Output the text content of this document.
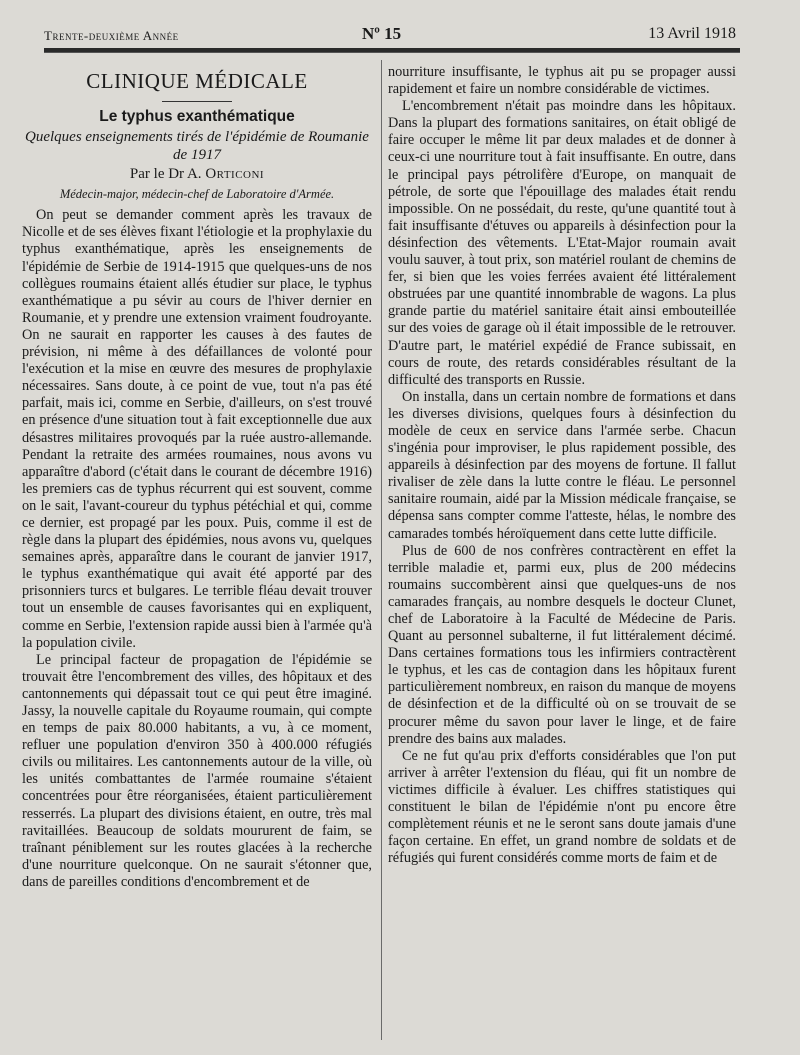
Trente-deuxième Année	Nº 15	13 Avril 1918
CLINIQUE MÉDICALE
Le typhus exanthématique
Quelques enseignements tirés de l'épidémie de Roumanie de 1917
Par le Dr A. Orticoni
Médecin-major, médecin-chef de Laboratoire d'Armée.

On peut se demander comment après les travaux de Nicolle et de ses élèves fixant l'étiologie et la prophylaxie du typhus exanthématique, après les enseignements de l'épidémie de Serbie de 1914-1915 que quelques-uns de nos collègues roumains étaient allés étudier sur place, le typhus exanthématique a pu sévir au cours de l'hiver dernier en Roumanie, et y prendre une extension vraiment foudroyante. On ne saurait en rapporter les causes à des fautes de prévision, ni même à des défaillances de volonté pour l'exécution et la mise en œuvre des mesures de prophylaxie nécessaires. Sans doute, à ce point de vue, tout n'a pas été parfait, mais ici, comme en Serbie, d'ailleurs, on s'est trouvé en présence d'une situation tout à fait exceptionnelle due aux désastres militaires provoqués par la ruée austro-allemande. Pendant la retraite des armées roumaines, nous avons vu apparaître d'abord (c'était dans le courant de décembre 1916) les premiers cas de typhus récurrent qui est souvent, comme on le sait, l'avant-coureur du typhus pétéchial et qui, comme ce dernier, est propagé par les poux. Puis, comme il est de règle dans la plupart des épidémies, nous avons vu, quelques semaines après, apparaître dans le courant de janvier 1917, le typhus exanthématique qui avait été apporté par des prisonniers turcs et bulgares. Le terrible fléau devait trouver tout un ensemble de causes favorisantes qui en expliquent, comme en Serbie, l'extension rapide aussi bien à l'armée qu'à la population civile.

Le principal facteur de propagation de l'épidémie se trouvait être l'encombrement des villes, des hôpitaux et des cantonnements qui dépassait tout ce qui peut être imaginé. Jassy, la nouvelle capitale du Royaume roumain, qui compte en temps de paix 80.000 habitants, a vu, à ce moment, refluer une population d'environ 350 à 400.000 réfugiés civils ou militaires. Les cantonnements autour de la ville, où les unités combattantes de l'armée roumaine s'étaient concentrées pour être réorganisées, étaient particulièrement resserrés. La plupart des divisions étaient, en outre, très mal ravitaillées. Beaucoup de soldats moururent de faim, se traînant péniblement sur les routes glacées à la recherche d'une nourriture quelconque. On ne saurait s'étonner que, dans de pareilles conditions d'encombrement et de

nourriture insuffisante, le typhus ait pu se propager aussi rapidement et faire un nombre considérable de victimes.

L'encombrement n'était pas moindre dans les hôpitaux. Dans la plupart des formations sanitaires, on était obligé de faire occuper le même lit par deux malades et de donner à ceux-ci une nourriture tout à fait insuffisante. En outre, dans le principal pays pétrolifère d'Europe, on manquait de pétrole, de sorte que l'épouillage des malades était rendu impossible. On ne possédait, du reste, qu'une quantité tout à fait insuffisante d'étuves ou appareils à désinfection pour la désinfection des vêtements. L'Etat-Major roumain avait voulu sauver, à tout prix, son matériel roulant de chemins de fer, si bien que les voies ferrées avaient été littéralement obstruées par une quantité innombrable de wagons. La plus grande partie du matériel sanitaire était ainsi embouteillée sur des voies de garage où il était impossible de le retrouver. D'autre part, le matériel expédié de France subissait, en cours de route, des retards considérables résultant de la difficulté des transports en Russie.

On installa, dans un certain nombre de formations et dans les diverses divisions, quelques fours à désinfection du modèle de ceux en service dans l'armée serbe. Chacun s'ingénia pour improviser, le plus rapidement possible, des appareils à désinfection par des moyens de fortune. Il fallut rivaliser de zèle dans la lutte contre le fléau. Le personnel sanitaire roumain, aidé par la Mission médicale française, se dépensa sans compter comme l'atteste, hélas, le nombre des camarades tombés héroïquement dans cette lutte difficile.

Plus de 600 de nos confrères contractèrent en effet la terrible maladie et, parmi eux, plus de 200 médecins roumains succombèrent ainsi que quelques-uns de nos camarades français, au nombre desquels le docteur Clunet, chef de Laboratoire à la Faculté de Médecine de Paris. Quant au personnel subalterne, il fut littéralement décimé. Dans certaines formations tous les infirmiers contractèrent le typhus, et les cas de contagion dans les hôpitaux furent particulièrement nombreux, en raison du manque de moyens de désinfection et de la difficulté où on se trouvait de se procurer même du savon pour laver le linge, et de faire prendre des bains aux malades.

Ce ne fut qu'au prix d'efforts considérables que l'on put arriver à arrêter l'extension du fléau, qui fit un nombre de victimes difficile à évaluer. Les chiffres statistiques qui constituent le bilan de l'épidémie n'ont pu encore être complètement réunis et ne le seront sans doute jamais d'une façon certaine. En effet, un grand nombre de soldats et de réfugiés qui furent considérés comme morts de faim et de
